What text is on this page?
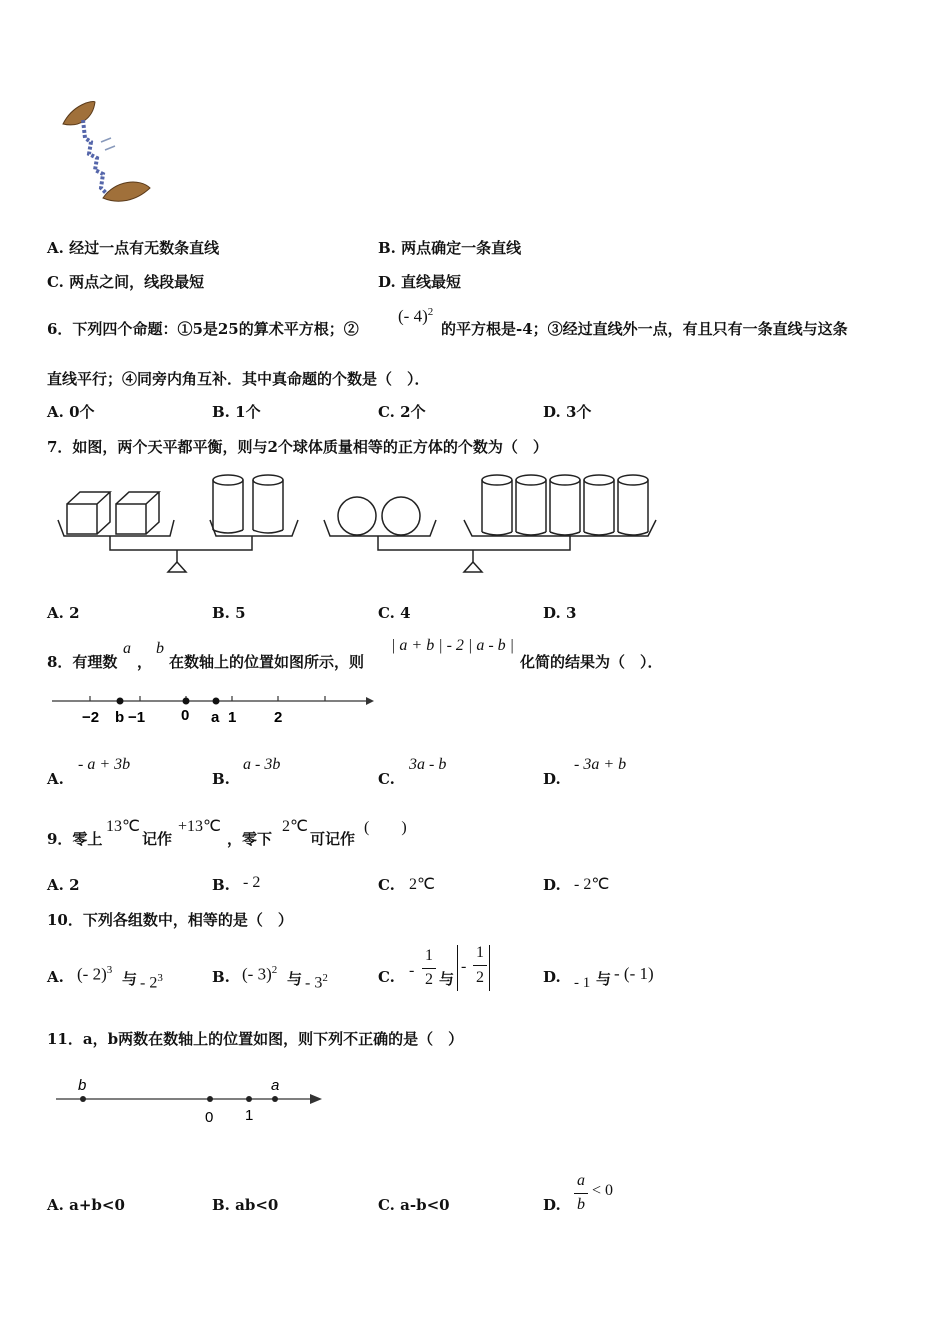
A. 经过一点有无数条直线	B. 两点确定一条直线
C. 两点之间，线段最短	D. 直线最短
6．下列四个命题：①5是25的算术平方根；②
(- 4)$^2$
的平方根是-4；③经过直线外一点，有且只有一条直线与这条
直线平行；④同旁内角互补．其中真命题的个数是（　）．
A. 0个	B. 1个	C. 2个	D. 3个
7．如图，两个天平都平衡，则与2个球体质量相等的正方体的个数为（　）
A. 2	B. 5	C. 4	D. 3
8．有理数
a
，
b
在数轴上的位置如图所示，则
| a + b | - 2 | a - b |
化简的结果为（　）．
−2 b −1 0 a 1	2
A.
- a + 3b
B.
a - 3b
C.
3a - b
D.
- 3a + b
9．零上
13℃
记作
+13℃
，零下
2℃
可记作
(　　)
A. 2	B. - 2	C. 2℃	D. - 2℃
10．下列各组数中，相等的是（　）
A. (- 2)$^3$ 与 - $2^3$	B. (- 3)$^2$ 与 - $3^2$	C. -
1
2 与
-
1
2	D. - 1 与 - (- 1)
11．a，b两数在数轴上的位置如图，则下列不正确的是（　）
b
0 1
a
A. a+b<0	B. ab<0	C. a-b<0	D.
a
b
< 0
